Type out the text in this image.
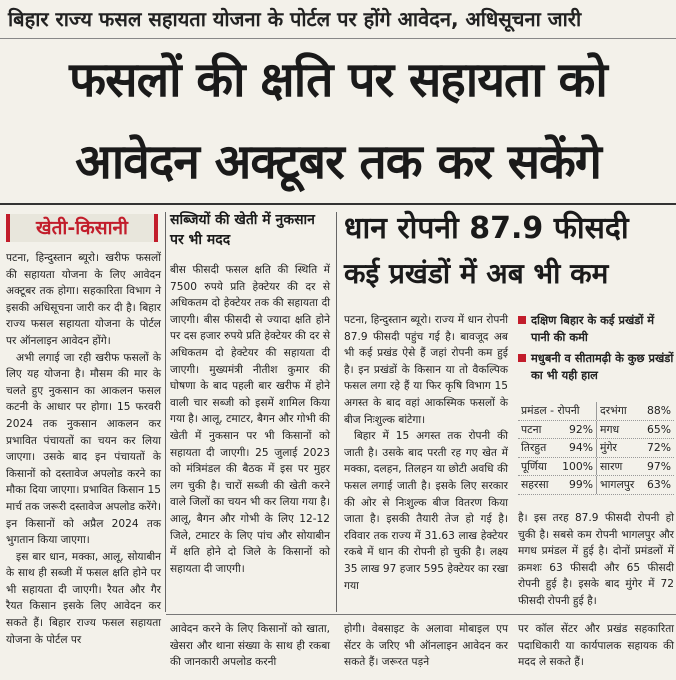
बिहार राज्य फसल सहायता योजना के पोर्टल पर होंगे आवेदन, अधिसूचना जारी
फसलों की क्षति पर सहायता को
आवेदन अक्टूबर तक कर सकेंगे
खेती-किसानी

पटना, हिन्दुस्तान ब्यूरो। खरीफ फसलों की सहायता योजना के लिए आवेदन अक्टूबर तक होगा। सहकारिता विभाग ने इसकी अधिसूचना जारी कर दी है। बिहार राज्य फसल सहायता योजना के पोर्टल पर ऑनलाइन आवेदन होंगे।

अभी लगाई जा रही खरीफ फसलों के लिए यह योजना है। मौसम की मार के चलते हुए नुकसान का आकलन फसल कटनी के आधार पर होगा। 15 फरवरी 2024 तक नुकसान आकलन कर प्रभावित पंचायतों का चयन कर लिया जाएगा। उसके बाद इन पंचायतों के किसानों को दस्तावेज अपलोड करने का मौका दिया जाएगा। प्रभावित किसान 15 मार्च तक जरूरी दस्तावेज अपलोड करेंगे। इन किसानों को अप्रैल 2024 तक भुगतान किया जाएगा।

इस बार धान, मक्का, आलू, सोयाबीन के साथ ही सब्जी में फसल क्षति होने पर भी सहायता दी जाएगी। रैयत और गैर रैयत किसान इसके लिए आवेदन कर सकते हैं। बिहार राज्य फसल सहायता योजना के पोर्टल पर

सब्जियों की खेती में नुकसान पर भी मदद

बीस फीसदी फसल क्षति की स्थिति में 7500 रुपये प्रति हेक्टेयर की दर से अधिकतम दो हेक्टेयर तक की सहायता दी जाएगी। बीस फीसदी से ज्यादा क्षति होने पर दस हजार रुपये प्रति हेक्टेयर की दर से अधिकतम दो हेक्टेयर की सहायता दी जाएगी। मुख्यमंत्री नीतीश कुमार की घोषणा के बाद पहली बार खरीफ में होने वाली चार सब्जी को इसमें शामिल किया गया है। आलू, टमाटर, बैगन और गोभी की खेती में नुकसान पर भी किसानों को सहायता दी जाएगी। 25 जुलाई 2023 को मंत्रिमंडल की बैठक में इस पर मुहर लग चुकी है। चारों सब्जी की खेती करने वाले जिलों का चयन भी कर लिया गया है। आलू, बैगन और गोभी के लिए 12-12 जिले, टमाटर के लिए पांच और सोयाबीन में क्षति होने दो जिले के किसानों को सहायता दी जाएगी।

धान रोपनी 87.9 फीसदी
कई प्रखंडों में अब भी कम

पटना, हिन्दुस्तान ब्यूरो। राज्य में धान रोपनी 87.9 फीसदी पहुंच गई है। बावजूद अब भी कई प्रखंड ऐसे हैं जहां रोपनी कम हुई है। इन प्रखंडों के किसान या तो वैकल्पिक फसल लगा रहे हैं या फिर कृषि विभाग 15 अगस्त के बाद वहां आकस्मिक फसलों के बीज निःशुल्क बांटेगा।

बिहार में 15 अगस्त तक रोपनी की जाती है। उसके बाद परती रह गए खेत में मक्का, दलहन, तिलहन या छोटी अवधि की फसल लगाई जाती है। इसके लिए सरकार की ओर से निःशुल्क बीज वितरण किया जाता है। इसकी तैयारी तेज हो गई है। रविवार तक राज्य में 31.63 लाख हेक्टेयर रकबे में धान की रोपनी हो चुकी है। लक्ष्य 35 लाख 97 हजार 595 हेक्टेयर का रखा गया

दक्षिण बिहार के कई प्रखंडों में पानी की कमी
मधुबनी व सीतामढ़ी के कुछ प्रखंडों का भी यही हाल
प्रमंडल - रोपनी दरभंगा 88%
पटना	92% मगध	65%
तिरहुत 94% मुंगेर	72%
पूर्णिया 100% सारण 97%
सहरसा 99% भागलपुर 63%

है। इस तरह 87.9 फीसदी रोपनी हो चुकी है। सबसे कम रोपनी भागलपुर और मगध प्रमंडल में हुई है। दोनों प्रमंडलों में क्रमशः 63 फीसदी और 65 फीसदी रोपनी हुई है। इसके बाद मुंगेर में 72 फीसदी रोपनी हुई है।

आवेदन करने के लिए किसानों को खाता, खेसरा और थाना संख्या के साथ ही रकबा की जानकारी अपलोड करनी
होगी। वेबसाइट के अलावा मोबाइल एप सेंटर के जरिए भी ऑनलाइन आवेदन कर सकते हैं। जरूरत पड़ने
पर कॉल सेंटर और प्रखंड सहकारिता पदाधिकारी या कार्यपालक सहायक की मदद ले सकते हैं।
